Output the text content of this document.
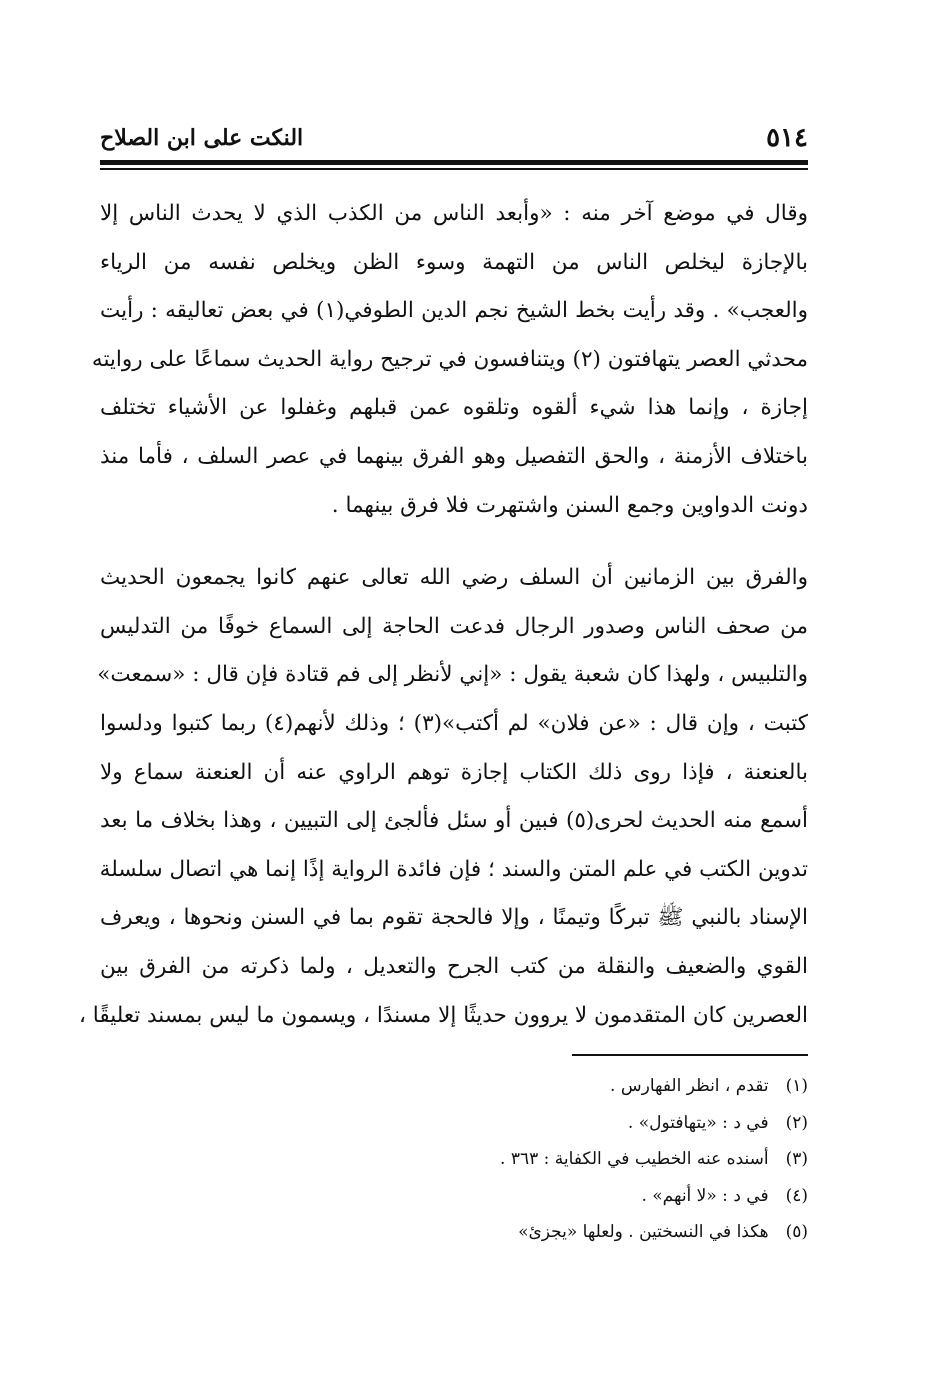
٥١٤
النكت على ابن الصلاح
وقال في موضع آخر منه : «وأبعد الناس من الكذب الذي لا يحدث الناس إلا
بالإجازة ليخلص الناس من التهمة وسوء الظن ويخلص نفسه من الرياء
والعجب» . وقد رأيت بخط الشيخ نجم الدين الطوفي(١) في بعض تعاليقه : رأيت
محدثي العصر يتهافتون (٢) ويتنافسون في ترجيح رواية الحديث سماعًا على روايته
إجازة ، وإنما هذا شيء ألقوه وتلقوه عمن قبلهم وغفلوا عن الأشياء تختلف
باختلاف الأزمنة ، والحق التفصيل وهو الفرق بينهما في عصر السلف ، فأما منذ
دونت الدواوين وجمع السنن واشتهرت فلا فرق بينهما .
والفرق بين الزمانين أن السلف رضي الله تعالى عنهم كانوا يجمعون الحديث
من صحف الناس وصدور الرجال فدعت الحاجة إلى السماع خوفًا من التدليس
والتلبيس ، ولهذا كان شعبة يقول : «إني لأنظر إلى فم قتادة فإن قال : «سمعت»
كتبت ، وإن قال : «عن فلان» لم أكتب»(٣) ؛ وذلك لأنهم(٤) ربما كتبوا ودلسوا
بالعنعنة ، فإذا روى ذلك الكتاب إجازة توهم الراوي عنه أن العنعنة سماع ولا
أسمع منه الحديث لحرى(٥) فبين أو سئل فألجئ إلى التبيين ، وهذا بخلاف ما بعد
تدوين الكتب في علم المتن والسند ؛ فإن فائدة الرواية إذًا إنما هي اتصال سلسلة
الإسناد بالنبي ﷺ تبركًا وتيمنًا ، وإلا فالحجة تقوم بما في السنن ونحوها ، ويعرف
القوي والضعيف والنقلة من كتب الجرح والتعديل ، ولما ذكرته من الفرق بين
العصرين كان المتقدمون لا يروون حديثًا إلا مسندًا ، ويسمون ما ليس بمسند تعليقًا ،
(١) تقدم ، انظر الفهارس .
(٢) في د : «يتهافتول» .
(٣) أسنده عنه الخطيب في الكفاية : ٣٦٣ .
(٤) في د : «لا أنهم» .
(٥) هكذا في النسختين . ولعلها «يجزئ»
